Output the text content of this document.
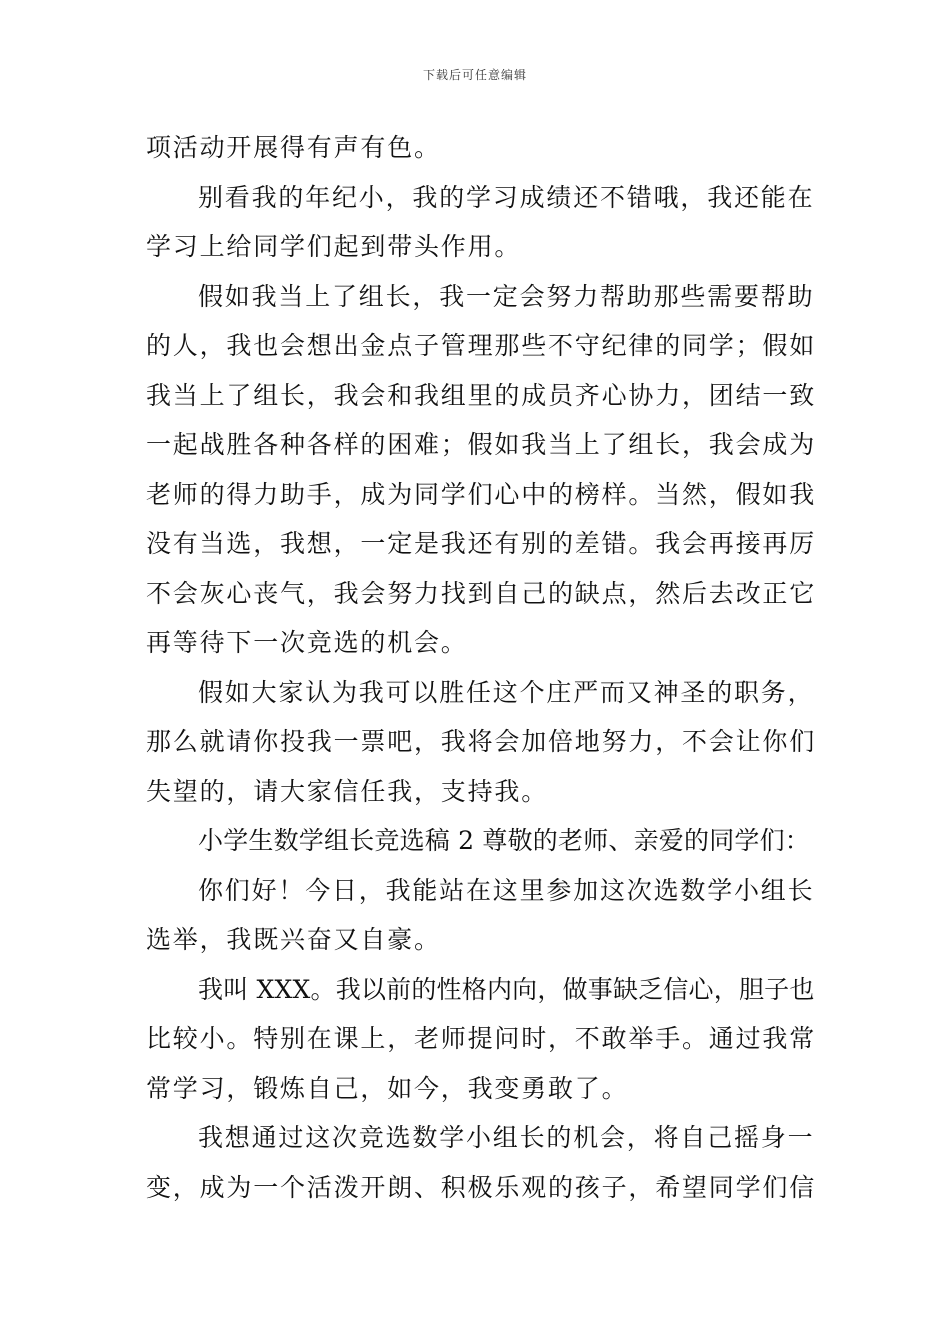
下载后可任意编辑
项活动开展得有声有色。
别看我的年纪小，我的学习成绩还不错哦，我还能在
学习上给同学们起到带头作用。
假如我当上了组长，我一定会努力帮助那些需要帮助
的人，我也会想出金点子管理那些不守纪律的同学；假如
我当上了组长，我会和我组里的成员齐心协力，团结一致
一起战胜各种各样的困难；假如我当上了组长，我会成为
老师的得力助手，成为同学们心中的榜样。当然，假如我
没有当选，我想，一定是我还有别的差错。我会再接再厉
不会灰心丧气，我会努力找到自己的缺点，然后去改正它
再等待下一次竞选的机会。
假如大家认为我可以胜任这个庄严而又神圣的职务，
那么就请你投我一票吧，我将会加倍地努力，不会让你们
失望的，请大家信任我，支持我。
小学生数学组长竞选稿 2 尊敬的老师、亲爱的同学们：
你们好！今日，我能站在这里参加这次选数学小组长
选举，我既兴奋又自豪。
我叫 XXX。我以前的性格内向，做事缺乏信心，胆子也
比较小。特别在课上，老师提问时，不敢举手。通过我常
常学习，锻炼自己，如今，我变勇敢了。
我想通过这次竞选数学小组长的机会，将自己摇身一
变，成为一个活泼开朗、积极乐观的孩子，希望同学们信
